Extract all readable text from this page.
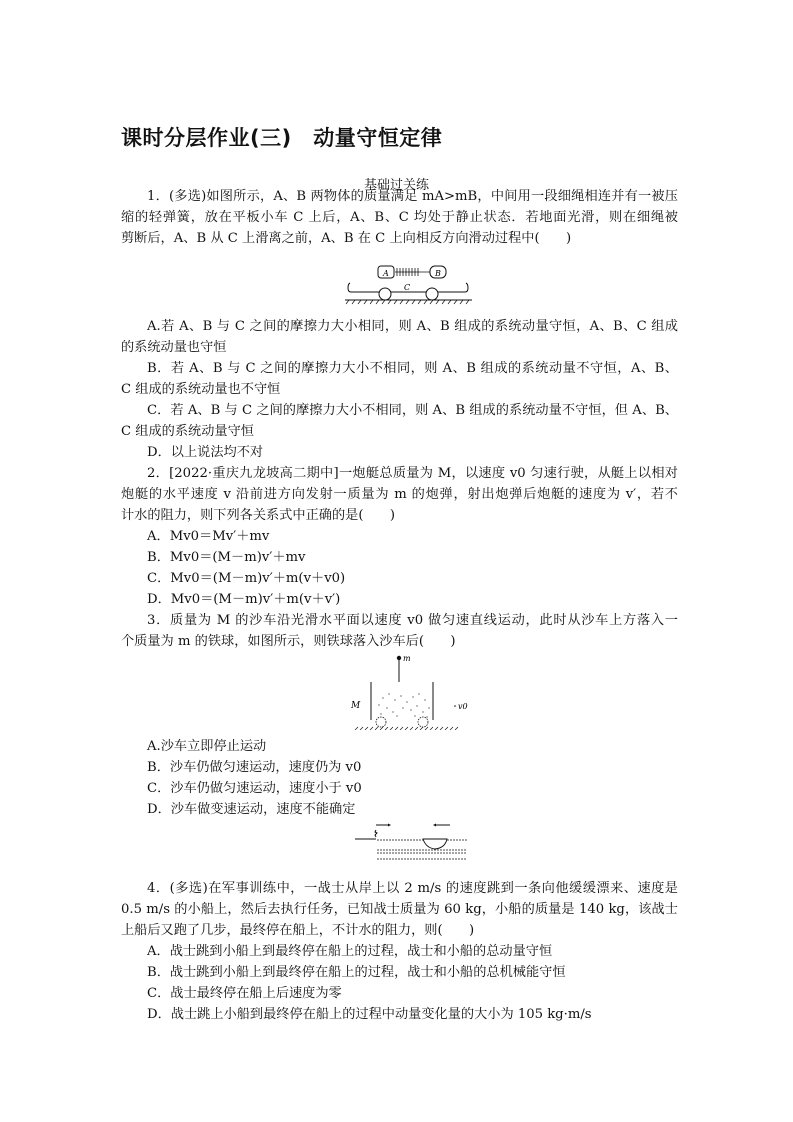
课时分层作业(三)　动量守恒定律
基础过关练
1．(多选)如图所示，A、B 两物体的质量满足 mA>mB，中间用一段细绳相连并有一被压
缩的轻弹簧，放在平板小车 C 上后，A、B、C 均处于静止状态．若地面光滑，则在细绳被
剪断后，A、B 从 C 上滑离之前，A、B 在 C 上向相反方向滑动过程中(　　)
A	B
C
A.若 A、B 与 C 之间的摩擦力大小相同，则 A、B 组成的系统动量守恒，A、B、C 组成
的系统动量也守恒
B．若 A、B 与 C 之间的摩擦力大小不相同，则 A、B 组成的系统动量不守恒，A、B、
C 组成的系统动量也不守恒
C．若 A、B 与 C 之间的摩擦力大小不相同，则 A、B 组成的系统动量不守恒，但 A、B、
C 组成的系统动量守恒
D．以上说法均不对
2．[2022·重庆九龙坡高二期中]一炮艇总质量为 M，以速度 v0 匀速行驶，从艇上以相对
炮艇的水平速度 v 沿前进方向发射一质量为 m 的炮弹，射出炮弹后炮艇的速度为 v′，若不
计水的阻力，则下列各关系式中正确的是(　　)
A．Mv0＝Mv′＋mv
B．Mv0＝(M－m)v′＋mv
C．Mv0＝(M－m)v′＋m(v＋v0)
D．Mv0＝(M－m)v′＋m(v＋v′)
3．质量为 M 的沙车沿光滑水平面以速度 v0 做匀速直线运动，此时从沙车上方落入一
个质量为 m 的铁球，如图所示，则铁球落入沙车后(　　)
m
M	v0
A.沙车立即停止运动
B．沙车仍做匀速运动，速度仍为 v0
C．沙车仍做匀速运动，速度小于 v0
D．沙车做变速运动，速度不能确定
4．(多选)在军事训练中，一战士从岸上以 2 m/s 的速度跳到一条向他缓缓漂来、速度是
0.5 m/s 的小船上，然后去执行任务，已知战士质量为 60 kg，小船的质量是 140 kg，该战士
上船后又跑了几步，最终停在船上，不计水的阻力，则(　　)
A．战士跳到小船上到最终停在船上的过程，战士和小船的总动量守恒
B．战士跳到小船上到最终停在船上的过程，战士和小船的总机械能守恒
C．战士最终停在船上后速度为零
D．战士跳上小船到最终停在船上的过程中动量变化量的大小为 105 kg·m/s
